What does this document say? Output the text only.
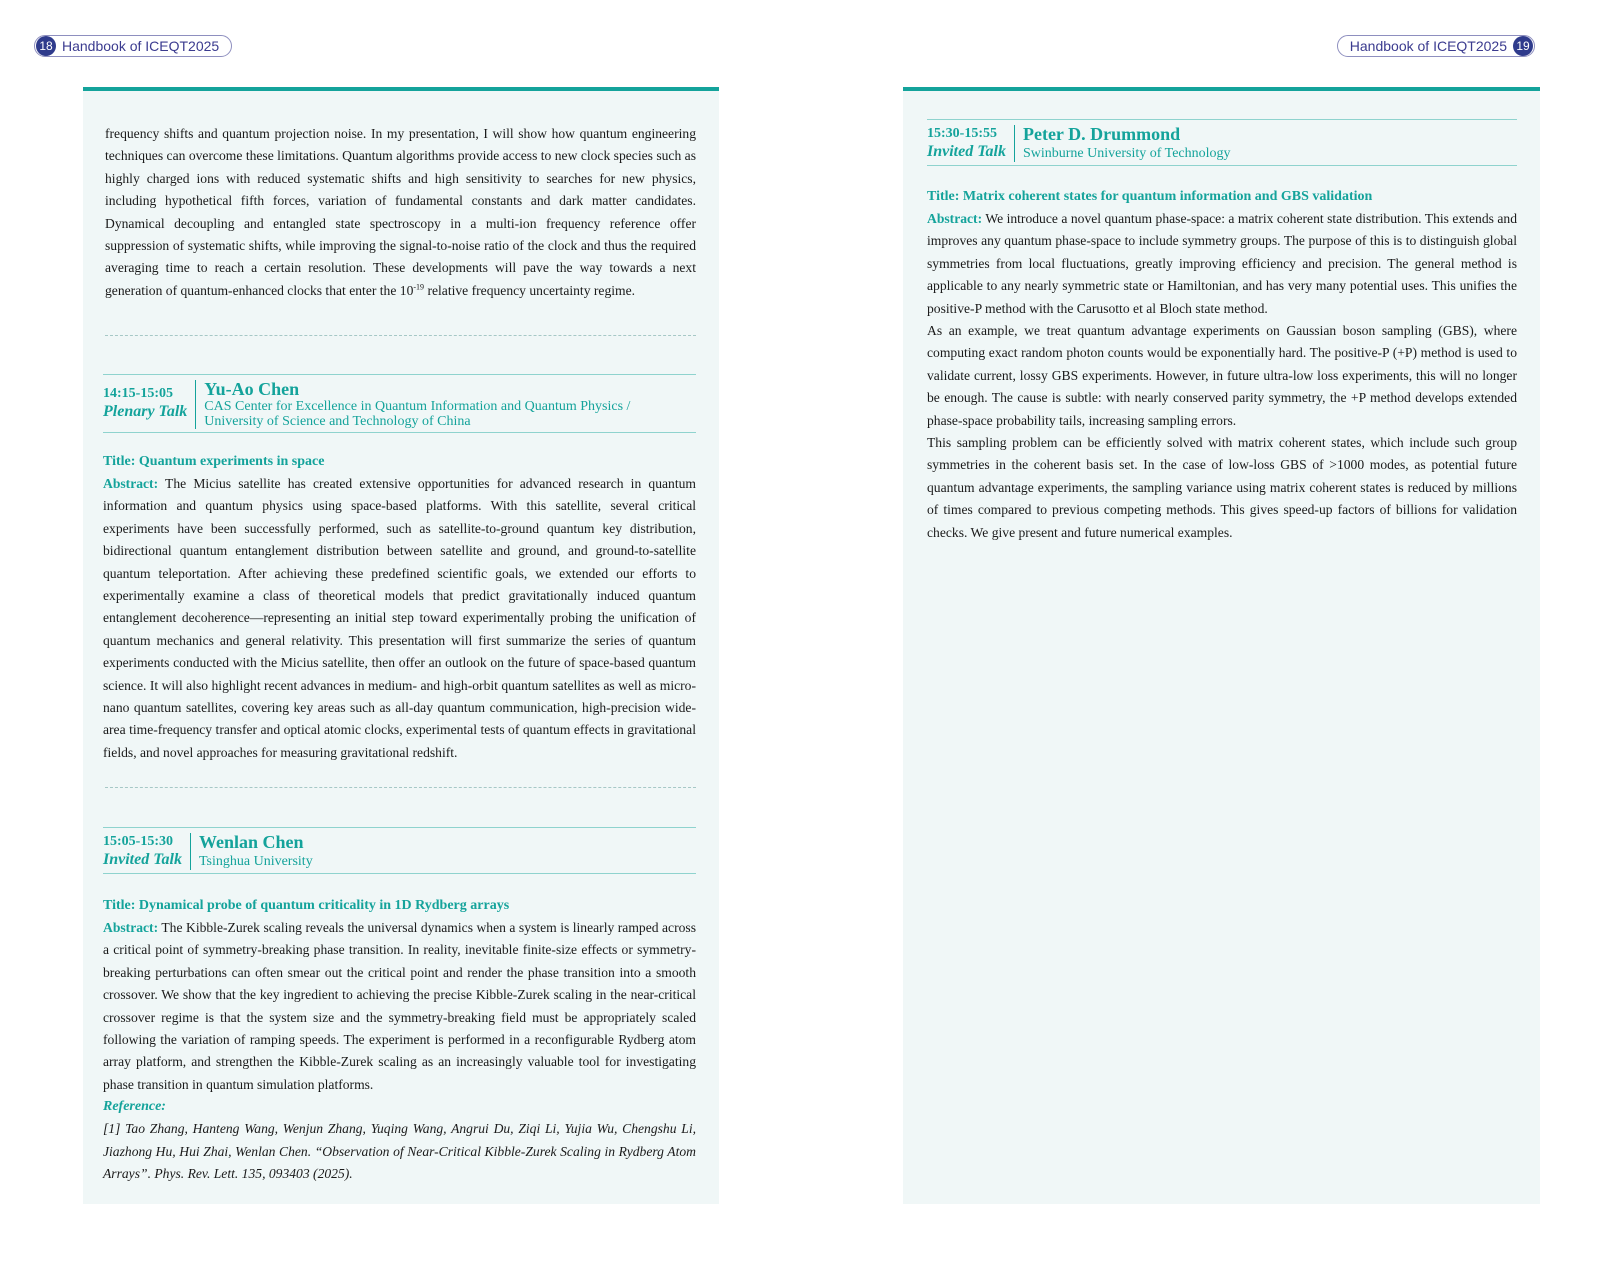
18 Handbook of ICEQT2025	Handbook of ICEQT2025 19

frequency shifts and quantum projection noise. In my presentation, I will show how quantum engineering techniques can overcome these limitations. Quantum algorithms provide access to new clock species such as highly charged ions with reduced systematic shifts and high sensitivity to searches for new physics, including hypothetical fifth forces, variation of fundamental constants and dark matter candidates. Dynamical decoupling and entangled state spectroscopy in a multi-ion frequency reference offer suppression of systematic shifts, while improving the signal-to-noise ratio of the clock and thus the required averaging time to reach a certain resolution. These developments will pave the way towards a next generation of quantum-enhanced clocks that enter the $10^{-19}$ relative frequency uncertainty regime.

14:15-15:05
Plenary Talk
Yu-Ao Chen
CAS Center for Excellence in Quantum Information and Quantum Physics /
University of Science and Technology of China

Title: Quantum experiments in space

Abstract: The Micius satellite has created extensive opportunities for advanced research in quantum information and quantum physics using space-based platforms. With this satellite, several critical experiments have been successfully performed, such as satellite-to-ground quantum key distribution, bidirectional quantum entanglement distribution between satellite and ground, and ground-to-satellite quantum teleportation. After achieving these predefined scientific goals, we extended our efforts to experimentally examine a class of theoretical models that predict gravitationally induced quantum entanglement decoherence—representing an initial step toward experimentally probing the unification of quantum mechanics and general relativity. This presentation will first summarize the series of quantum experiments conducted with the Micius satellite, then offer an outlook on the future of space-based quantum science. It will also highlight recent advances in medium- and high-orbit quantum satellites as well as micro-nano quantum satellites, covering key areas such as all-day quantum communication, high-precision wide-area time-frequency transfer and optical atomic clocks, experimental tests of quantum effects in gravitational fields, and novel approaches for measuring gravitational redshift.

15:05-15:30
Invited Talk
Wenlan Chen
Tsinghua University

Title: Dynamical probe of quantum criticality in 1D Rydberg arrays

Abstract: The Kibble-Zurek scaling reveals the universal dynamics when a system is linearly ramped across a critical point of symmetry-breaking phase transition. In reality, inevitable finite-size effects or symmetry-breaking perturbations can often smear out the critical point and render the phase transition into a smooth crossover. We show that the key ingredient to achieving the precise Kibble-Zurek scaling in the near-critical crossover regime is that the system size and the symmetry-breaking field must be appropriately scaled following the variation of ramping speeds. The experiment is performed in a reconfigurable Rydberg atom array platform, and strengthen the Kibble-Zurek scaling as an increasingly valuable tool for investigating phase transition in quantum simulation platforms.

Reference:

[1] Tao Zhang, Hanteng Wang, Wenjun Zhang, Yuqing Wang, Angrui Du, Ziqi Li, Yujia Wu, Chengshu Li, Jiazhong Hu, Hui Zhai, Wenlan Chen. “Observation of Near-Critical Kibble-Zurek Scaling in Rydberg Atom Arrays”. Phys. Rev. Lett. 135, 093403 (2025).

15:30-15:55
Invited Talk
Peter D. Drummond
Swinburne University of Technology

Title: Matrix coherent states for quantum information and GBS validation

Abstract: We introduce a novel quantum phase-space: a matrix coherent state distribution. This extends and improves any quantum phase-space to include symmetry groups. The purpose of this is to distinguish global symmetries from local fluctuations, greatly improving efficiency and precision. The general method is applicable to any nearly symmetric state or Hamiltonian, and has very many potential uses. This unifies the positive-P method with the Carusotto et al Bloch state method.

As an example, we treat quantum advantage experiments on Gaussian boson sampling (GBS), where computing exact random photon counts would be exponentially hard. The positive-P (+P) method is used to validate current, lossy GBS experiments. However, in future ultra-low loss experiments, this will no longer be enough. The cause is subtle: with nearly conserved parity symmetry, the +P method develops extended phase-space probability tails, increasing sampling errors.

This sampling problem can be efficiently solved with matrix coherent states, which include such group symmetries in the coherent basis set. In the case of low-loss GBS of >1000 modes, as potential future quantum advantage experiments, the sampling variance using matrix coherent states is reduced by millions of times compared to previous competing methods. This gives speed-up factors of billions for validation checks. We give present and future numerical examples.
